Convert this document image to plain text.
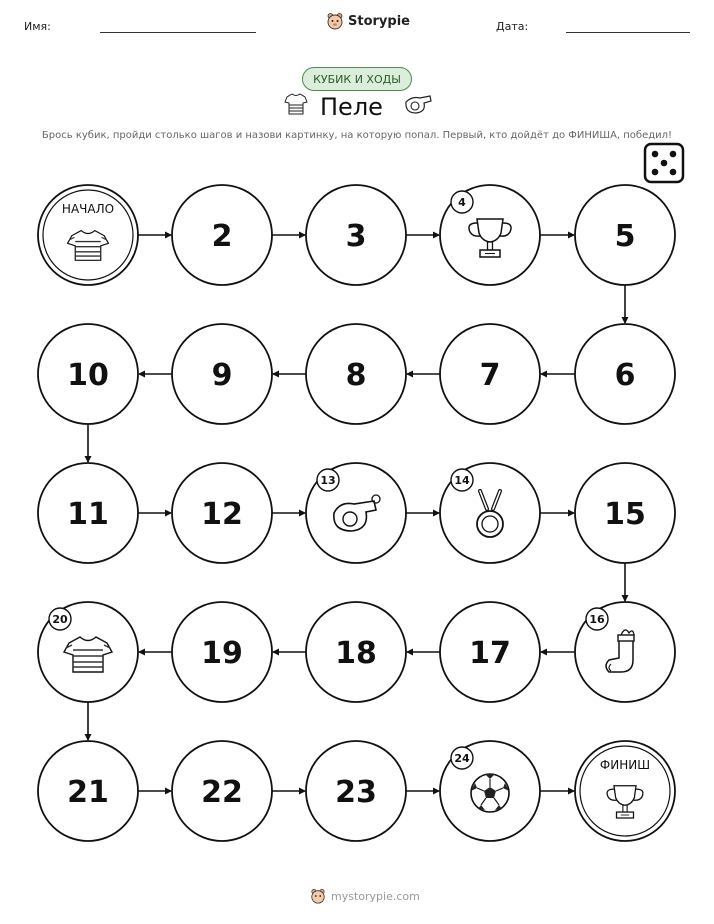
Имя:	Storypie	Дата:
КУБИК И ХОДЫ
Пеле
Брось кубик, пройди столько шагов и назови картинку, на которую попал. Первый, кто дойдёт до ФИНИША, победил!
НАЧАЛО
2	3
4
5
6
7
8
9
10
11	12
13	14
15
16
17
18
19
20
21	22	23
24	ФИНИШ
mystorypie.com
